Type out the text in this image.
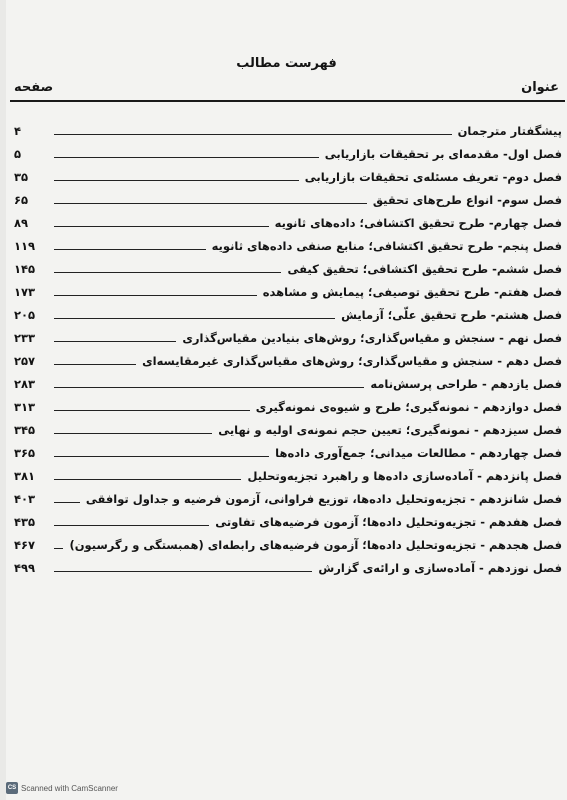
فهرست مطالب
عنوان
صفحه
پیشگفتار مترجمان
۴
فصل اول- مقدمه‌ای بر تحقیقات بازاریابی
۵
فصل دوم- تعریف مسئله‌ی تحقیقات بازاریابی
۳۵
فصل سوم- انواع طرح‌های تحقیق
۶۵
فصل چهارم- طرح تحقیق اکتشافی؛ داده‌های ثانویه
۸۹
فصل پنجم- طرح تحقیق اکتشافی؛ منابع صنفی داده‌های ثانویه
۱۱۹
فصل ششم- طرح تحقیق اکتشافی؛ تحقیق کیفی
۱۴۵
فصل هفتم- طرح تحقیق توصیفی؛ پیمایش و مشاهده
۱۷۳
فصل هشتم- طرح تحقیق علّی؛ آزمایش
۲۰۵
فصل نهم - سنجش و مقیاس‌گذاری؛ روش‌های بنیادین مقیاس‌گذاری
۲۳۳
فصل دهم - سنجش و مقیاس‌گذاری؛ روش‌های مقیاس‌گذاری غیرمقایسه‌ای
۲۵۷
فصل یازدهم - طراحی پرسش‌نامه
۲۸۳
فصل دوازدهم - نمونه‌گیری؛ طرح و شیوه‌ی نمونه‌گیری
۳۱۳
فصل سیزدهم - نمونه‌گیری؛ تعیین حجم نمونه‌ی اولیه و نهایی
۳۴۵
فصل چهاردهم - مطالعات میدانی؛ جمع‌آوری داده‌ها
۳۶۵
فصل پانزدهم - آماده‌سازی داده‌ها و راهبرد تجزیه‌وتحلیل
۳۸۱
فصل شانزدهم - تجزیه‌وتحلیل داده‌ها، توزیع فراوانی، آزمون فرضیه و جداول توافقی
۴۰۳
فصل هفدهم - تجزیه‌وتحلیل داده‌ها؛ آزمون فرضیه‌های تفاوتی
۴۳۵
فصل هجدهم - تجزیه‌وتحلیل داده‌ها؛ آزمون فرضیه‌های رابطه‌ای (همبستگی و رگرسیون)
۴۶۷
فصل نوزدهم - آماده‌سازی و ارائه‌ی گزارش
۴۹۹
CS Scanned with CamScanner
